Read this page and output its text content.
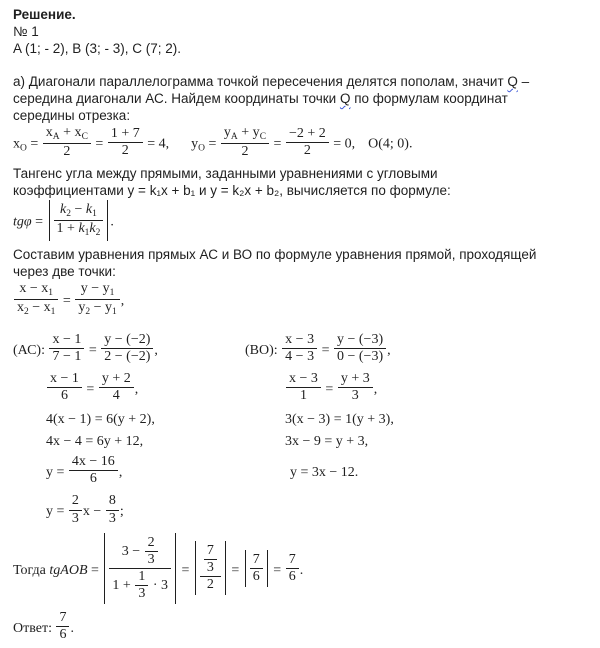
Решение.
№ 1
A (1; - 2), B (3; - 3), C (7; 2).
а) Диагонали параллелограмма точкой пересечения делятся пополам, значит Q –
середина диагонали АС. Найдем координаты точки Q по формулам координат
середины отрезка:
$x_O = \frac{x_A + x_C}{2} = \frac{1 + 7}{2} = 4$, $y_O = \frac{y_A + y_C}{2} = \frac{-2 + 2}{2} = 0$, O(4; 0).
Тангенс угла между прямыми, заданными уравнениями с угловыми
коэффициентами y = k₁x + b₁ и y = k₂x + b₂, вычисляется по формуле:
$tg\varphi = \frac{k_2 - k_1}{1 + k_1k_2}$ .
Составим уравнения прямых АС и ВО по формуле уравнения прямой, проходящей
через две точки:
$\frac{x - x_1}{x_2 - x_1} = \frac{y - y_1}{y_2 - y_1}$ ,
(АС): $\frac{x - 1}{7 - 1} = \frac{y - (-2)}{2 - (-2)}$ ,	(ВО): $\frac{x - 3}{4 - 3} = \frac{y - (-3)}{0 - (-3)}$ ,
$\frac{x - 1}{6} = \frac{y + 2}{4}$ ,	$\frac{x - 3}{1} = \frac{y + 3}{3}$ ,
4(x − 1) = 6(y + 2),	3(x − 3) = 1(y + 3),
4x − 4 = 6y + 12,	3x − 9 = y + 3,
$y = \frac{4x - 16}{6}$ ,	y = 3x − 12.
$y = \frac{2}{3}$ $x - \frac{8}{3}$ ;
Тогда tgAOB = $\frac{3 - \frac{2}{3}}{1 + \frac{1}{3} \cdot 3} = \frac{\frac{7}{3}}{2} = \frac{7}{6} = \frac{7}{6}$ .
Ответ: $\frac{7}{6}$ .
